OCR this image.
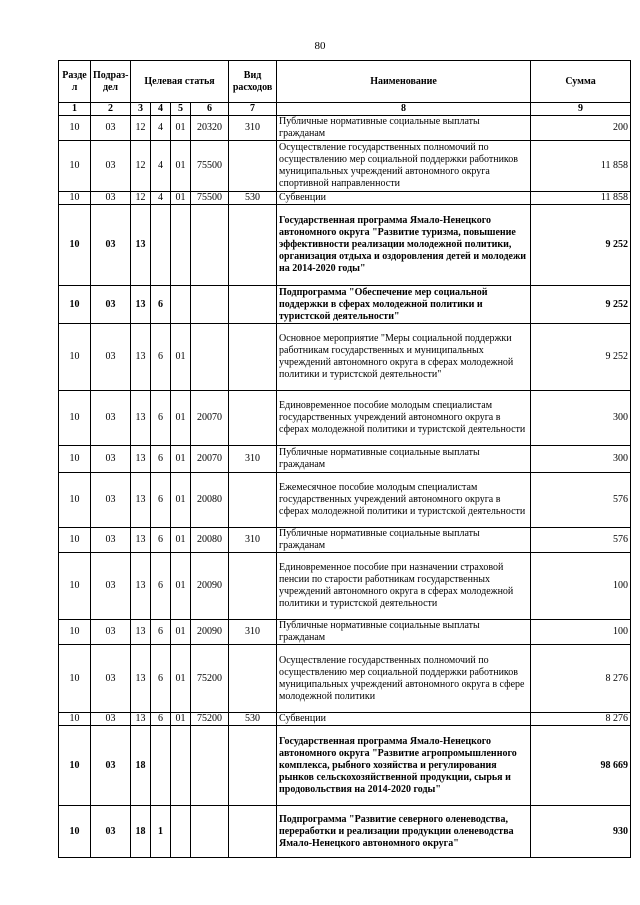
80
Разде л	Подраз- дел	Целевая статья				Вид расходов	Наименование	Сумма
1	2	3	4	5	6	7	8	9
10	03	12	4	01	20320	310	Публичные нормативные социальные выплаты гражданам	200
10	03	12	4	01	75500		Осуществление государственных полномочий по осуществлению мер социальной поддержки работников муниципальных учреждений автономного округа спортивной направленности	11 858
10	03	12	4	01	75500	530	Субвенции	11 858
10	03	13					Государственная программа Ямало-Ненецкого автономного округа "Развитие туризма, повышение эффективности реализации молодежной политики, организация отдыха и оздоровления детей и молодежи на 2014-2020 годы"	9 252
10	03	13	6				Подпрограмма "Обеспечение мер социальной поддержки в сферах молодежной политики и туристской деятельности"	9 252
10	03	13	6	01			Основное мероприятие "Меры социальной поддержки работникам государственных и муниципальных учреждений автономного округа в сферах молодежной политики и туристской деятельности"	9 252
10	03	13	6	01	20070		Единовременное пособие молодым специалистам государственных учреждений автономного округа в сферах молодежной политики и туристской деятельности	300
10	03	13	6	01	20070	310	Публичные нормативные социальные выплаты гражданам	300
10	03	13	6	01	20080		Ежемесячное пособие молодым специалистам государственных учреждений автономного округа в сферах молодежной политики и туристской деятельности	576
10	03	13	6	01	20080	310	Публичные нормативные социальные выплаты гражданам	576
10	03	13	6	01	20090		Единовременное пособие при назначении страховой пенсии по старости работникам государственных учреждений автономного округа в сферах молодежной политики и туристской деятельности	100
10	03	13	6	01	20090	310	Публичные нормативные социальные выплаты гражданам	100
10	03	13	6	01	75200		Осуществление государственных полномочий по осуществлению мер социальной поддержки работников муниципальных учреждений автономного округа в сфере молодежной политики	8 276
10	03	13	6	01	75200	530	Субвенции	8 276
10	03	18					Государственная программа Ямало-Ненецкого автономного округа "Развитие агропромышленного комплекса, рыбного хозяйства и регулирования рынков сельскохозяйственной продукции, сырья и продовольствия на 2014-2020 годы"	98 669
10	03	18	1				Подпрограмма "Развитие северного оленеводства, переработки и реализации продукции оленеводства Ямало-Ненецкого автономного округа"	930
